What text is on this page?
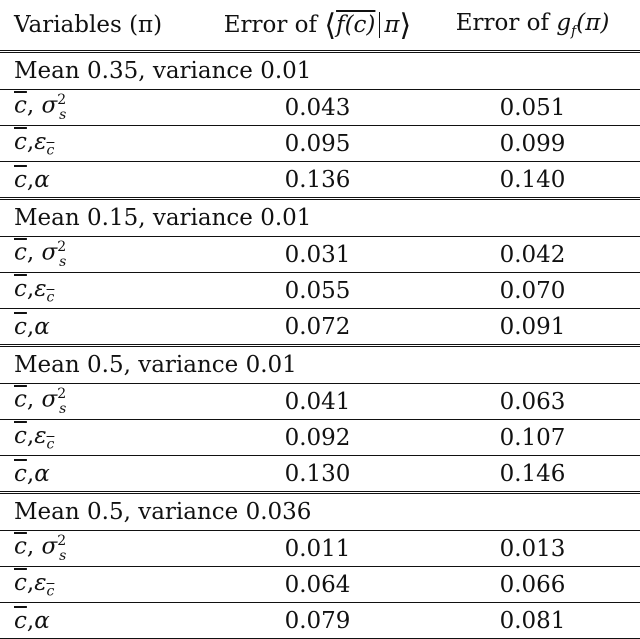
Variables (π)	Error of ⟨f(c) π⟩	Error of $g_f(\pi)$
Mean 0.35, variance 0.01		
$\overline{c}$, $\sigma^2_s$	0.043	0.051
$\overline{c},\varepsilon_{\overline{c}}$	0.095	0.099
$\overline{c},\alpha$	0.136	0.140
Mean 0.15, variance 0.01		
$\overline{c}$, $\sigma^2_s$	0.031	0.042
$\overline{c},\varepsilon_{\overline{c}}$	0.055	0.070
$\overline{c},\alpha$	0.072	0.091
Mean 0.5, variance 0.01		
$\overline{c}$, $\sigma^2_s$	0.041	0.063
$\overline{c},\varepsilon_{\overline{c}}$	0.092	0.107
$\overline{c},\alpha$	0.130	0.146
Mean 0.5, variance 0.036		
$\overline{c}$, $\sigma^2_s$	0.011	0.013
$\overline{c},\varepsilon_{\overline{c}}$	0.064	0.066
$\overline{c},\alpha$	0.079	0.081
